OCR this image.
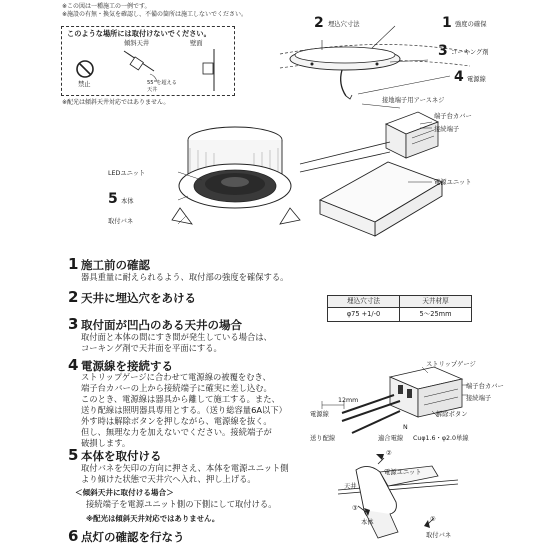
※この図は一種施工の一例です。
※施設の有無・換気を確認し、不備の箇所は施工しないでください。
このような場所には取付けないでください。
傾斜天井	壁面
禁止	55°を超える
天井
※配光は傾斜天井対応ではありません。
2 埋込穴寸法	1 強度の確保
3 コーキング剤
4 電源線
接地端子用アースネジ
端子台カバー
接続端子
電源ユニット
LEDユニット
5 本体
取付バネ
1 施工前の確認
器具重量に耐えられるよう、取付部の強度を確保する。
2 天井に埋込穴をあける	埋込穴寸法	天井材厚
φ75 +1/-0	5〜25mm
3 取付面が凹凸のある天井の場合
取付面と本体の間にすき間が発生している場合は、
コーキング剤で天井面を平面にする。
4 電源線を接続する
ストリップゲージに合わせて電源線の被覆をむき、
端子台カバーの上から接続端子に確実に差し込む。
このとき、電源線は器具から離して施工する。また、
送り配線は照明器具専用とする。（送り総容量6A以下）
外す時は解除ボタンを押しながら、電源線を抜く。
但し、無理な力を加えないでください。接続端子が
破損します。
ストリップゲージ
端子台カバー
接続端子
解除ボタン
12mm
電源線
送り配線
N
適合電線 Cuφ1.6・φ2.0単線
5 本体を取付ける
取付バネを矢印の方向に押さえ、本体を電源ユニット側
より傾けた状態で天井穴へ入れ、押し上げる。
＜傾斜天井に取付ける場合＞
接続端子を電源ユニット側の下側にして取付ける。
※配光は傾斜天井対応ではありません。
電源ユニット
天井
本体
取付バネ
②
①
③
6 点灯の確認を行なう
